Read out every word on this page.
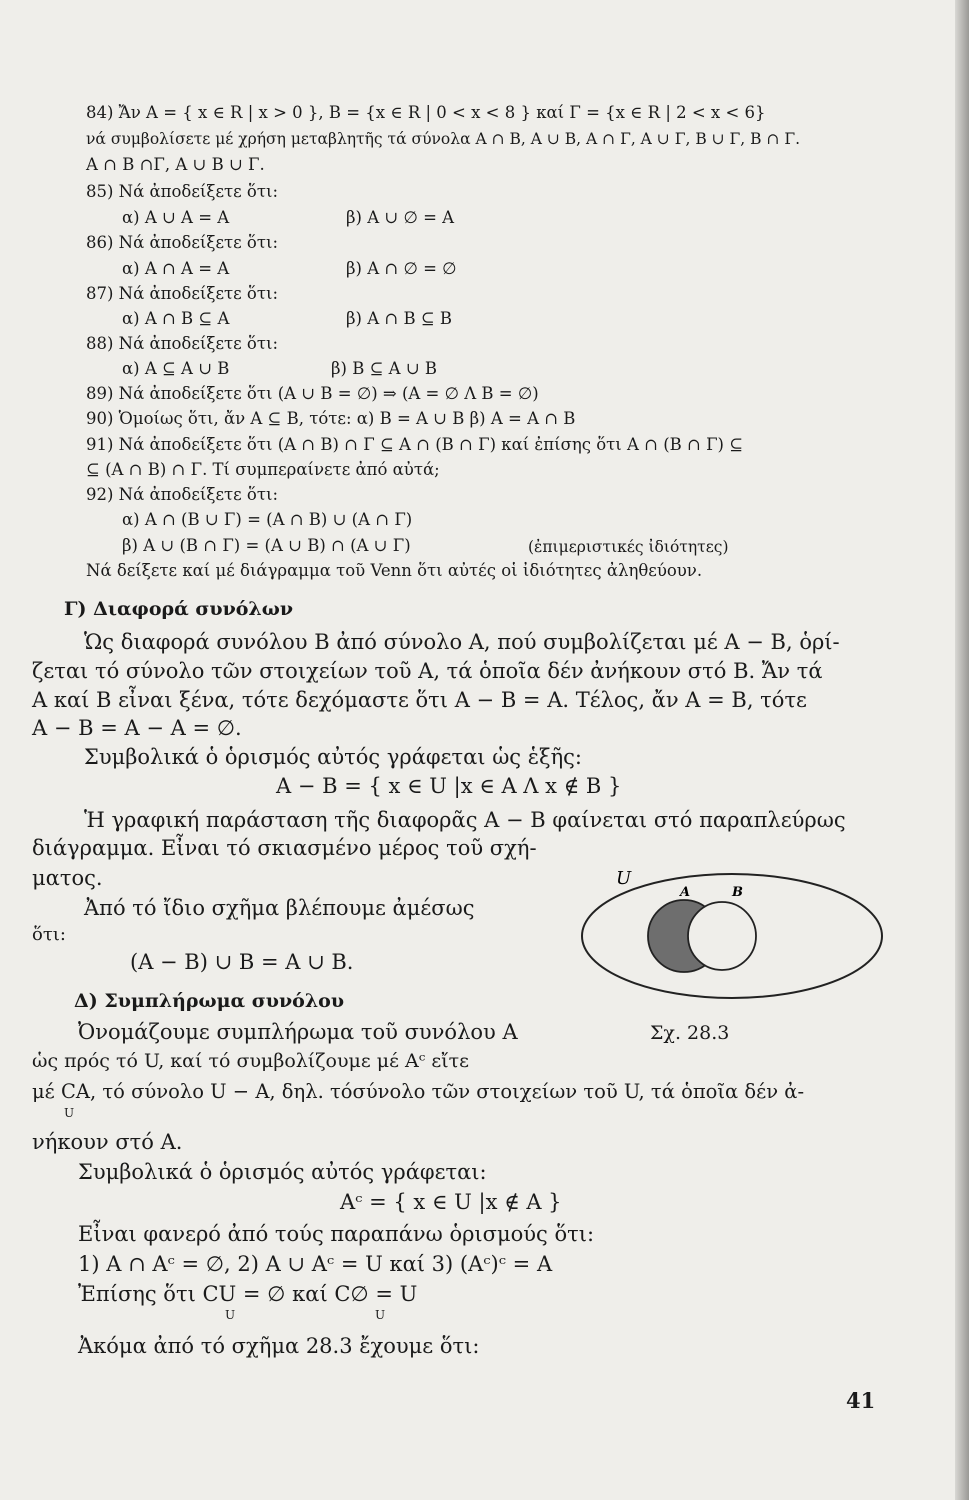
84) Ἄν A = { x ∈ R | x > 0 }, B = {x ∈ R | 0 < x < 8 } καί Γ = {x ∈ R | 2 < x < 6}
νά συμβολίσετε μέ χρήση μεταβλητῆς τά σύνολα A ∩ B, A ∪ B, A ∩ Γ, A ∪ Γ, B ∪ Γ, B ∩ Γ.
A ∩ B ∩Γ, A ∪ B ∪ Γ.
85) Νά ἀποδείξετε ὅτι:
α) A ∪ A = A	β) A ∪ ∅ = A
86) Νά ἀποδείξετε ὅτι:
α) A ∩ A = A	β) A ∩ ∅ = ∅
87) Νά ἀποδείξετε ὅτι:
α) A ∩ B ⊆ A	β) A ∩ B ⊆ B
88) Νά ἀποδείξετε ὅτι:
α) A ⊆ A ∪ B	β) B ⊆ A ∪ B
89) Νά ἀποδείξετε ὅτι (A ∪ B = ∅) ⇒ (A = ∅ Λ B = ∅)
90) Ὁμοίως ὅτι, ἄν A ⊆ B, τότε: α) B = A ∪ B β) A = A ∩ B
91) Νά ἀποδείξετε ὅτι (A ∩ B) ∩ Γ ⊆ A ∩ (B ∩ Γ) καί ἐπίσης ὅτι A ∩ (B ∩ Γ) ⊆
⊆ (A ∩ B) ∩ Γ. Τί συμπεραίνετε ἀπό αὐτά;
92) Νά ἀποδείξετε ὅτι:
α) A ∩ (B ∪ Γ) = (A ∩ B) ∪ (A ∩ Γ)
β) A ∪ (B ∩ Γ) = (A ∪ B) ∩ (A ∪ Γ)	(ἐπιμεριστικές ἰδιότητες)
Νά δείξετε καί μέ διάγραμμα τοῦ Venn ὅτι αὐτές οἱ ἰδιότητες ἀληθεύουν.
Γ) Διαφορά συνόλων
Ὡς διαφορά συνόλου B ἀπό σύνολο A, πού συμβολίζεται μέ A − B, ὁρί-
ζεται τό σύνολο τῶν στοιχείων τοῦ A, τά ὁποῖα δέν ἀνήκουν στό B. Ἄν τά
A καί B εἶναι ξένα, τότε δεχόμαστε ὅτι A − B = A. Τέλος, ἄν A = B, τότε
A − B = A − A = ∅.
Συμβολικά ὁ ὁρισμός αὐτός γράφεται ὡς ἑξῆς:
A − B = { x ∈ U |x ∈ A Λ x ∉ B }
Ἡ γραφική παράσταση τῆς διαφορᾶς A − B φαίνεται στό παραπλεύρως
διάγραμμα. Εἶναι τό σκιασμένο μέρος τοῦ σχή-
ματος.
Ἀπό τό ἴδιο σχῆμα βλέπουμε ἀμέσως
ὅτι:
(A − B) ∪ B = A ∪ B.
Δ) Συμπλήρωμα συνόλου
Ὀνομάζουμε συμπλήρωμα τοῦ συνόλου A
ὡς πρός τό U, καί τό συμβολίζουμε μέ Aᶜ εἴτε
μέ CA, τό σύνολο U − A, δηλ. τόσύνολο τῶν στοιχείων τοῦ U, τά ὁποῖα δέν ἀ-
U
νήκουν στό A.
Συμβολικά ὁ ὁρισμός αὐτός γράφεται:
Aᶜ = { x ∈ U |x ∉ A }
Εἶναι φανερό ἀπό τούς παραπάνω ὁρισμούς ὅτι:
1) A ∩ Aᶜ = ∅, 2) A ∪ Aᶜ = U καί 3) (Aᶜ)ᶜ = A
Ἐπίσης ὅτι CU = ∅ καί C∅ = U
U	U
Ἀκόμα ἀπό τό σχῆμα 28.3 ἔχουμε ὅτι:
U
A	B
Σχ. 28.3
41
